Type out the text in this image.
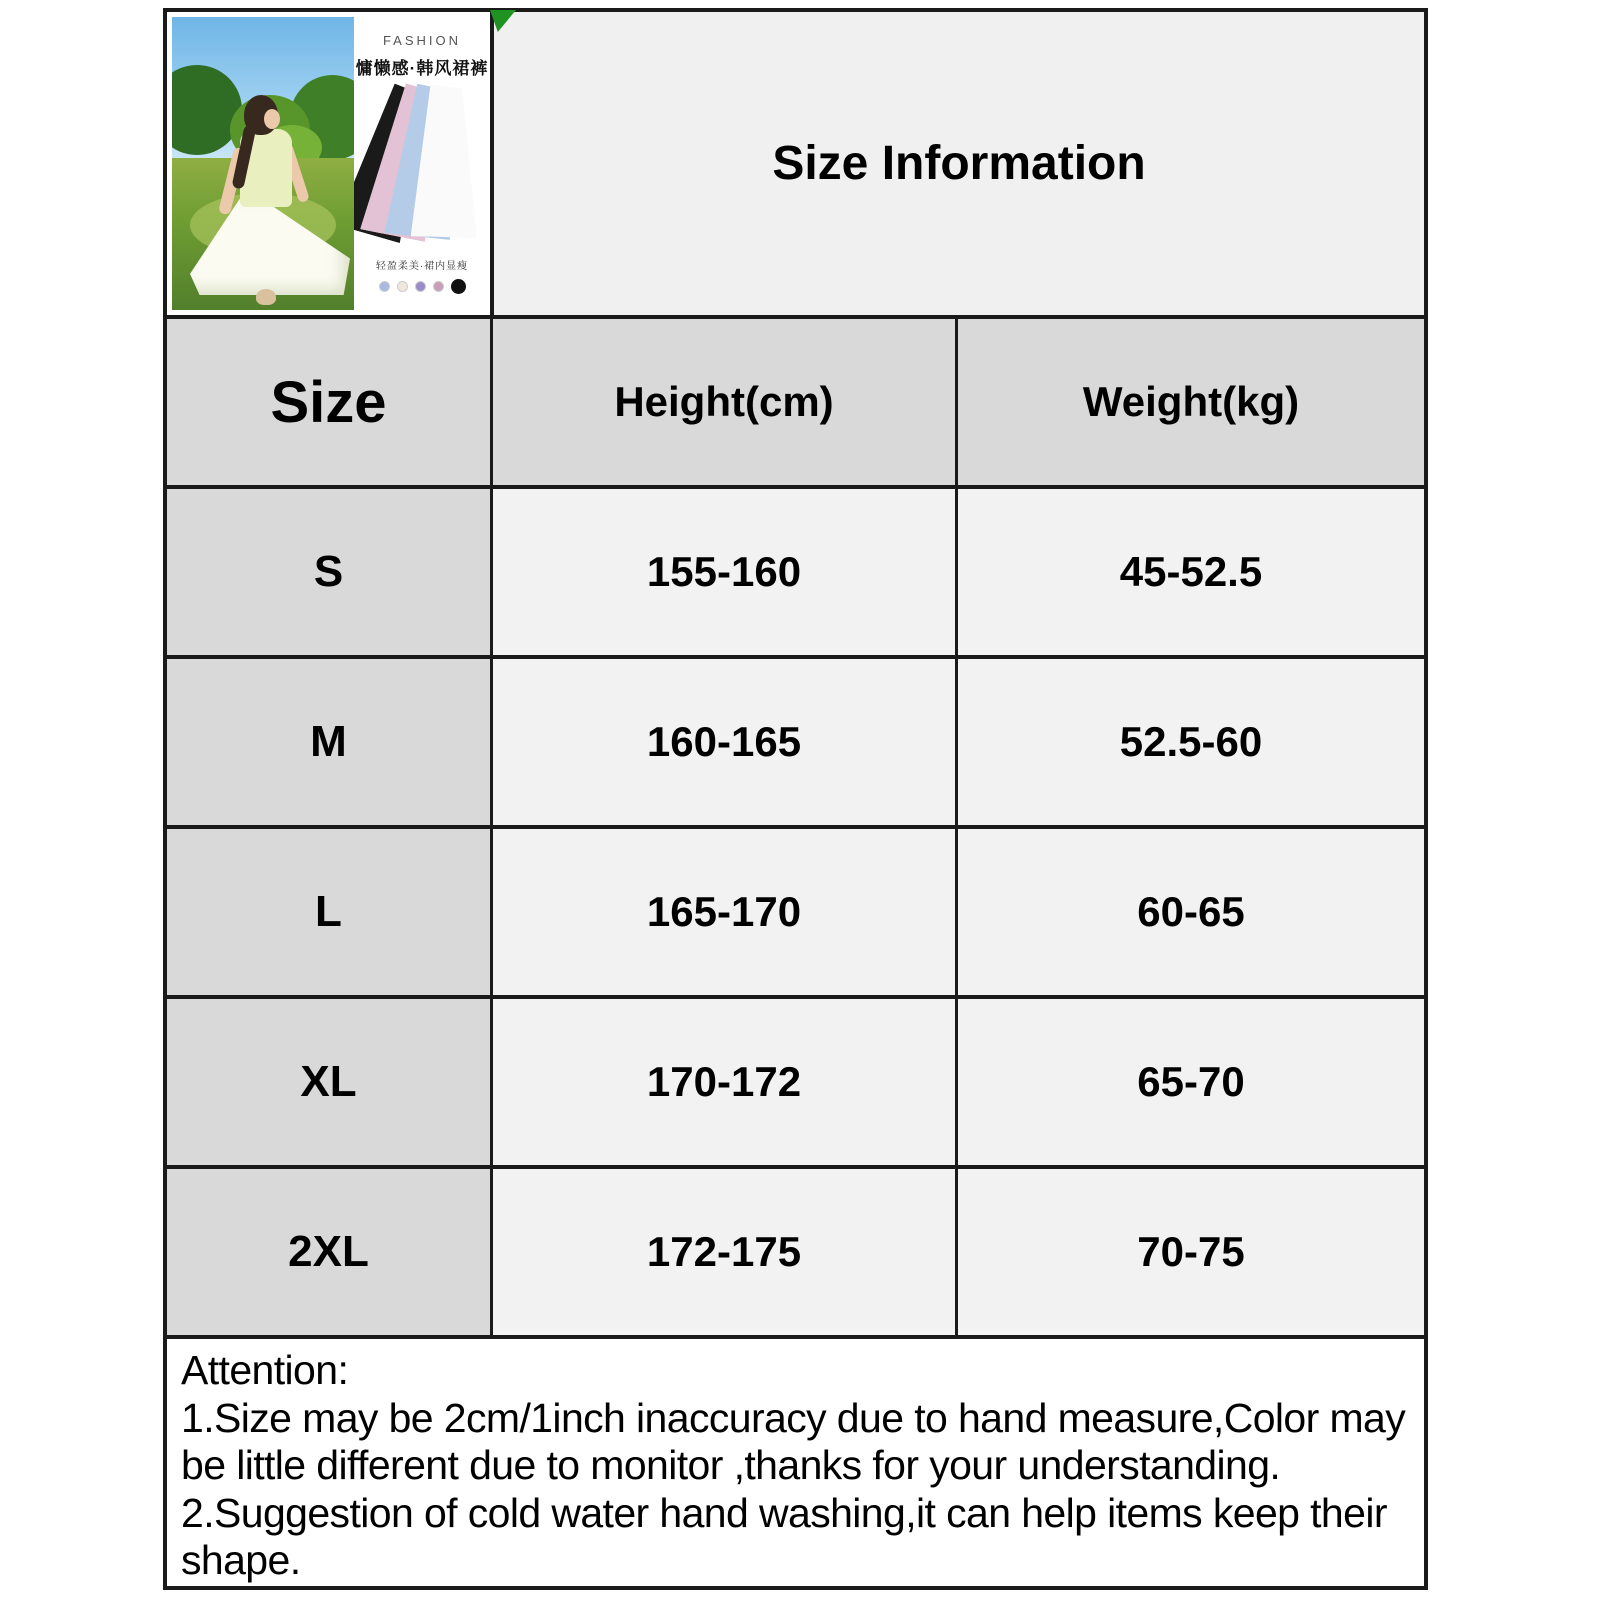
FASHION
慵懒感·韩风裙裤
轻盈柔美·裙内显瘦
Size Information
Size	Height(cm)	Weight(kg)
S	155-160	45-52.5
M	160-165	52.5-60
L	165-170	60-65
XL	170-172	65-70
2XL	172-175	70-75
Attention:
1.Size may be 2cm/1inch inaccuracy due to hand measure,Color may be little different due to monitor ,thanks for your understanding.
2.Suggestion of cold water hand washing,it can help items keep their shape.
